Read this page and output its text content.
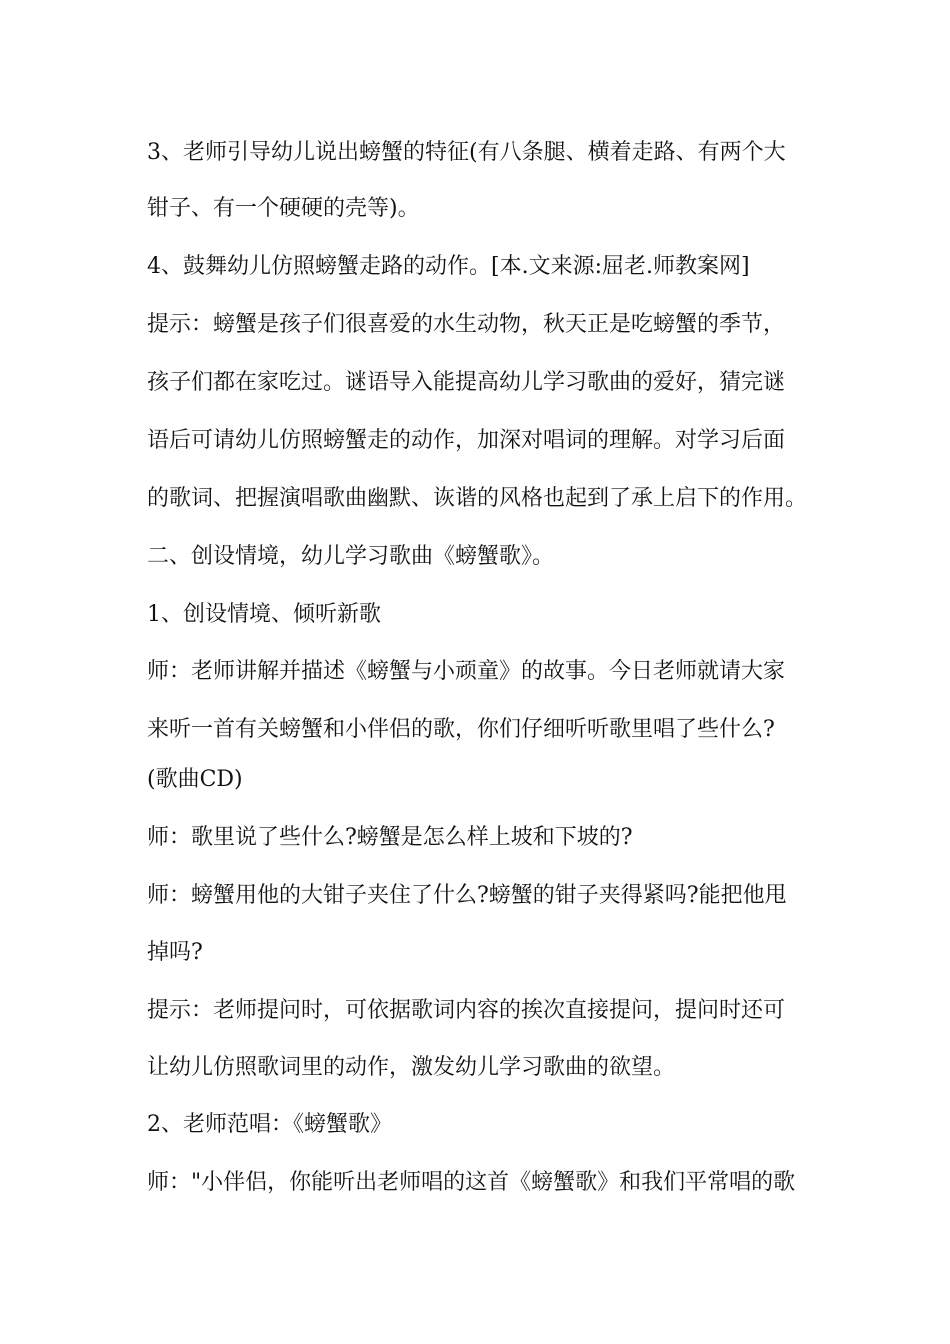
3、老师引导幼儿说出螃蟹的特征(有八条腿、横着走路、有两个大

钳子、有一个硬硬的壳等)。

4、鼓舞幼儿仿照螃蟹走路的动作。[本.文来源:屈老.师教案网]

提示：螃蟹是孩子们很喜爱的水生动物，秋天正是吃螃蟹的季节，

孩子们都在家吃过。谜语导入能提高幼儿学习歌曲的爱好，猜完谜

语后可请幼儿仿照螃蟹走的动作，加深对唱词的理解。对学习后面

的歌词、把握演唱歌曲幽默、诙谐的风格也起到了承上启下的作用。

二、创设情境，幼儿学习歌曲《螃蟹歌》。

1、创设情境、倾听新歌

师：老师讲解并描述《螃蟹与小顽童》的故事。今日老师就请大家

来听一首有关螃蟹和小伴侣的歌，你们仔细听听歌里唱了些什么?

(歌曲CD)

师：歌里说了些什么?螃蟹是怎么样上坡和下坡的?

师：螃蟹用他的大钳子夹住了什么?螃蟹的钳子夹得紧吗?能把他甩

掉吗?

提示：老师提问时，可依据歌词内容的挨次直接提问，提问时还可

让幼儿仿照歌词里的动作，激发幼儿学习歌曲的欲望。

2、老师范唱：《螃蟹歌》

师："小伴侣，你能听出老师唱的这首《螃蟹歌》和我们平常唱的歌
